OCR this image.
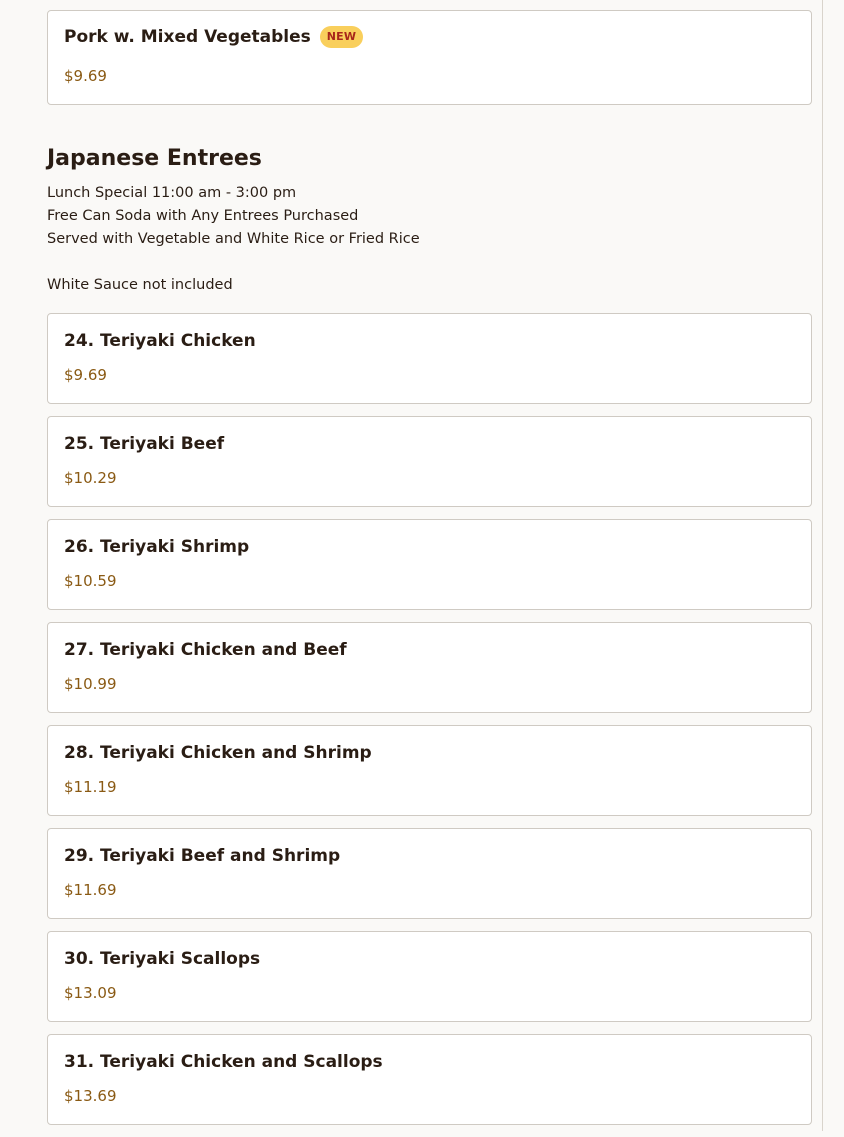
Pork w. Mixed Vegetables	NEW
$9.69
Japanese Entrees
Lunch Special 11:00 am - 3:00 pm
Free Can Soda with Any Entrees Purchased
Served with Vegetable and White Rice or Fried Rice
White Sauce not included
24. Teriyaki Chicken
$9.69
25. Teriyaki Beef
$10.29
26. Teriyaki Shrimp
$10.59
27. Teriyaki Chicken and Beef
$10.99
28. Teriyaki Chicken and Shrimp
$11.19
29. Teriyaki Beef and Shrimp
$11.69
30. Teriyaki Scallops
$13.09
31. Teriyaki Chicken and Scallops
$13.69
